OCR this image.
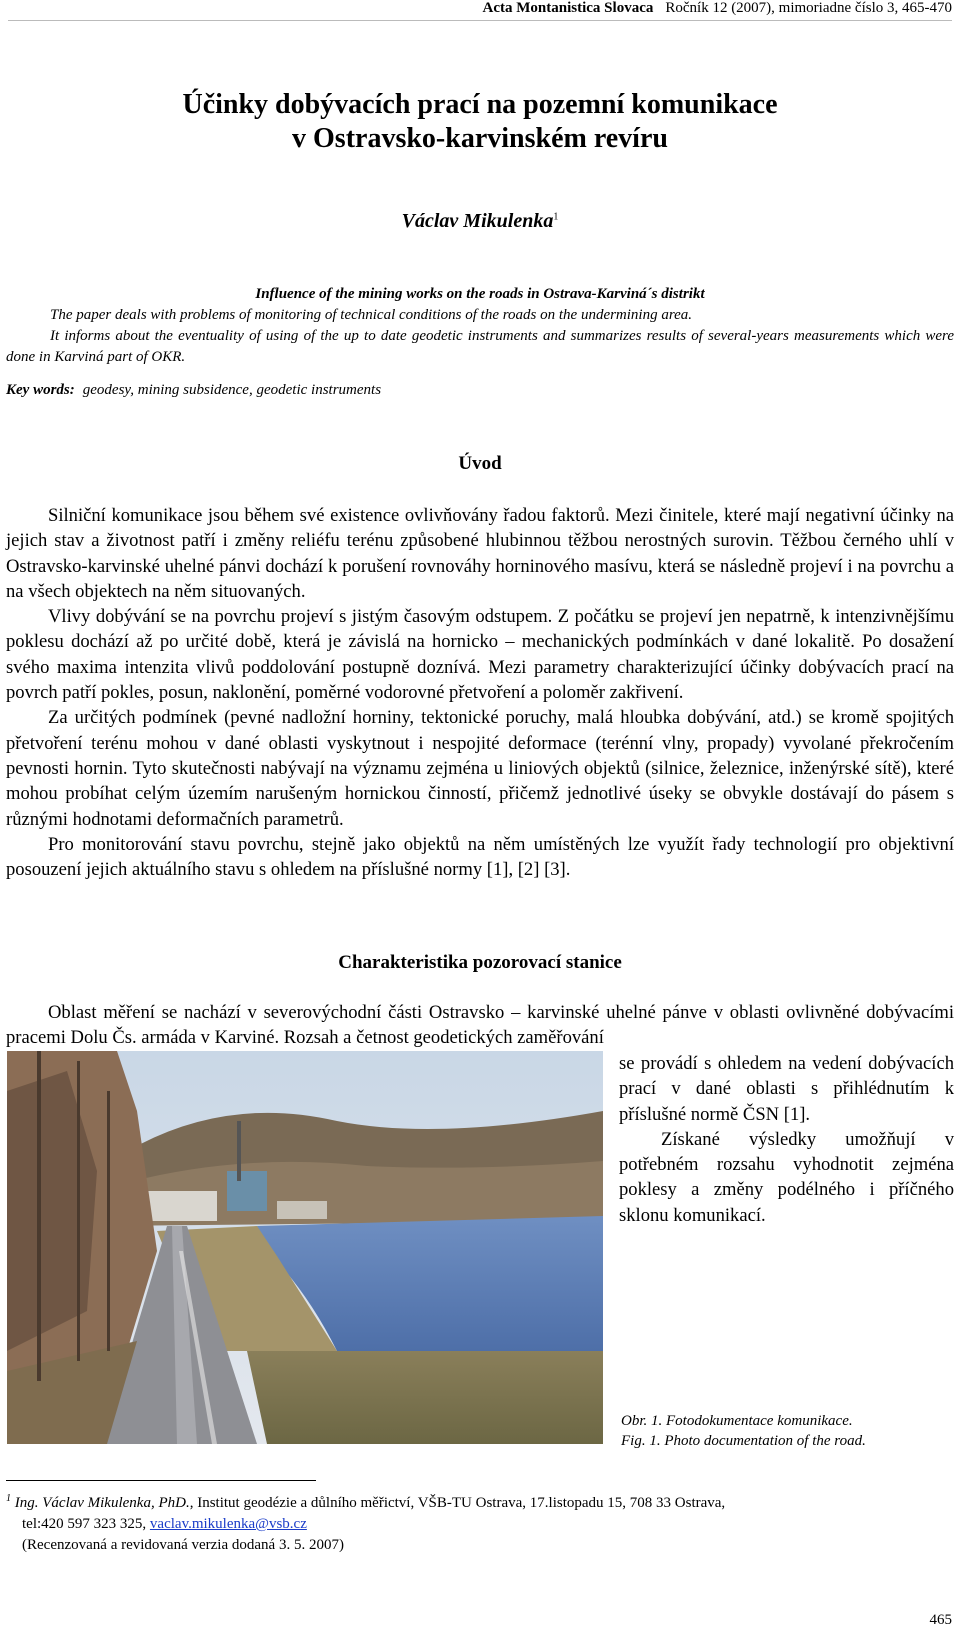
Acta Montanistica Slovaca Ročník 12 (2007), mimoriadne číslo 3, 465-470
Účinky dobývacích prací na pozemní komunikace
v Ostravsko-karvinském revíru
Václav Mikulenka$^1$
Influence of the mining works on the roads in Ostrava-Karviná´s distrikt

The paper deals with problems of monitoring of technical conditions of the roads on the undermining area.

It informs about the eventuality of using of the up to date geodetic instruments and summarizes results of several-years measurements which were done in Karviná part of OKR.

Key words: geodesy, mining subsidence, geodetic instruments
Úvod

Silniční komunikace jsou během své existence ovlivňovány řadou faktorů. Mezi činitele, které mají negativní účinky na jejich stav a životnost patří i změny reliéfu terénu způsobené hlubinnou těžbou nerostných surovin. Těžbou černého uhlí v Ostravsko-karvinské uhelné pánvi dochází k porušení rovnováhy horninového masívu, která se následně projeví i na povrchu a na všech objektech na něm situovaných.

Vlivy dobývání se na povrchu projeví s jistým časovým odstupem. Z počátku se projeví jen nepatrně, k intenzivnějšímu poklesu dochází až po určité době, která je závislá na hornicko – mechanických podmínkách v dané lokalitě. Po dosažení svého maxima intenzita vlivů poddolování postupně doznívá. Mezi parametry charakterizující účinky dobývacích prací na povrch patří pokles, posun, naklonění, poměrné vodorovné přetvoření a poloměr zakřivení.

Za určitých podmínek (pevné nadložní horniny, tektonické poruchy, malá hloubka dobývání, atd.) se kromě spojitých přetvoření terénu mohou v dané oblasti vyskytnout i nespojité deformace (terénní vlny, propady) vyvolané překročením pevnosti hornin. Tyto skutečnosti nabývají na významu zejména u liniových objektů (silnice, železnice, inženýrské sítě), které mohou probíhat celým územím narušeným hornickou činností, přičemž jednotlivé úseky se obvykle dostávají do pásem s různými hodnotami deformačních parametrů.

Pro monitorování stavu povrchu, stejně jako objektů na něm umístěných lze využít řady technologií pro objektivní posouzení jejich aktuálního stavu s ohledem na příslušné normy [1], [2] [3].

Charakteristika pozorovací stanice

Oblast měření se nachází v severovýchodní části Ostravsko – karvinské uhelné pánve v oblasti ovlivněné dobývacími pracemi Dolu Čs. armáda v Karviné. Rozsah a četnost geodetických zaměřování

se provádí s ohledem na vedení dobývacích prací v dané oblasti s přihlédnutím k příslušné normě ČSN [1].

Získané výsledky umožňují v potřebném rozsahu vyhodnotit zejména poklesy a změny podélného i příčného sklonu komunikací.

Obr. 1. Fotodokumentace komunikace.
Fig. 1. Photo documentation of the road.
$^1$ Ing. Václav Mikulenka, PhD., Institut geodézie a důlního měřictví, VŠB-TU Ostrava, 17.listopadu 15, 708 33 Ostrava,
tel:420 597 323 325, vaclav.mikulenka@vsb.cz
(Recenzovaná a revidovaná verzia dodaná 3. 5. 2007)
465
